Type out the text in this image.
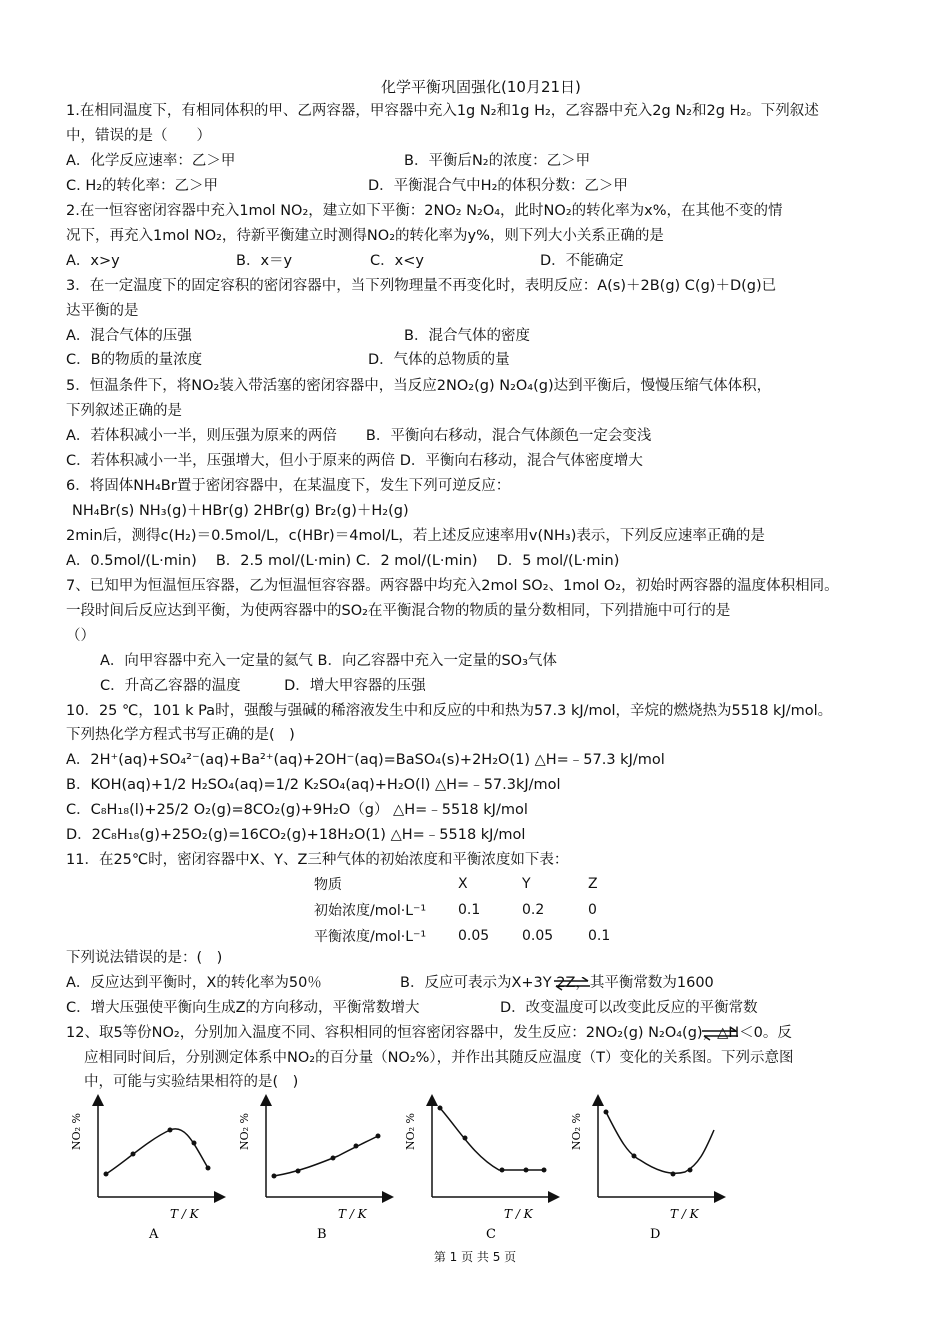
化学平衡巩固强化(10月21日)
1.在相同温度下，有相同体积的甲、乙两容器，甲容器中充入1g N₂和1g H₂，乙容器中充入2g N₂和2g H₂。下列叙述
中，错误的是（　　）
A．化学反应速率：乙＞甲	B．平衡后N₂的浓度：乙＞甲
C. H₂的转化率：乙＞甲	D．平衡混合气中H₂的体积分数：乙＞甲
2.在一恒容密闭容器中充入1mol NO₂，建立如下平衡：2NO₂ N₂O₄，此时NO₂的转化率为x%，在其他不变的情
况下，再充入1mol NO₂，待新平衡建立时测得NO₂的转化率为y%，则下列大小关系正确的是
A．x>y	B．x＝y	C．x<y	D．不能确定
3．在一定温度下的固定容积的密闭容器中，当下列物理量不再变化时，表明反应：A(s)＋2B(g) C(g)＋D(g)已
达平衡的是
A．混合气体的压强	B．混合气体的密度
C．B的物质的量浓度	D．气体的总物质的量
5．恒温条件下，将NO₂装入带活塞的密闭容器中，当反应2NO₂(g) N₂O₄(g)达到平衡后，慢慢压缩气体体积，
下列叙述正确的是
A．若体积减小一半，则压强为原来的两倍　　B．平衡向右移动，混合气体颜色一定会变浅
C．若体积减小一半，压强增大，但小于原来的两倍 D．平衡向右移动，混合气体密度增大
6．将固体NH₄Br置于密闭容器中，在某温度下，发生下列可逆反应：
NH₄Br(s) NH₃(g)＋HBr(g) 2HBr(g) Br₂(g)＋H₂(g)
2min后，测得c(H₂)＝0.5mol/L，c(HBr)＝4mol/L，若上述反应速率用v(NH₃)表示，下列反应速率正确的是
A．0.5mol/(L·min)　 B．2.5 mol/(L·min) C．2 mol/(L·min)　 D．5 mol/(L·min)
7、已知甲为恒温恒压容器，乙为恒温恒容容器。两容器中均充入2mol SO₂、1mol O₂，初始时两容器的温度体积相同。
一段时间后反应达到平衡，为使两容器中的SO₂在平衡混合物的物质的量分数相同，下列措施中可行的是
（）
A．向甲容器中充入一定量的氦气 B．向乙容器中充入一定量的SO₃气体
C．升高乙容器的温度　　　D．增大甲容器的压强
10．25 ℃，101 k Pa时，强酸与强碱的稀溶液发生中和反应的中和热为57.3 kJ/mol，辛烷的燃烧热为5518 kJ/mol。
下列热化学方程式书写正确的是(　)
A．2H⁺(aq)+SO₄²⁻(aq)+Ba²⁺(aq)+2OH⁻(aq)=BaSO₄(s)+2H₂O(1) △H=﹣57.3 kJ/mol
B．KOH(aq)+1/2 H₂SO₄(aq)=1/2 K₂SO₄(aq)+H₂O(l) △H=﹣57.3kJ/mol
C．C₈H₁₈(l)+25/2 O₂(g)=8CO₂(g)+9H₂O（g） △H=﹣5518 kJ/mol
D．2C₈H₁₈(g)+25O₂(g)=16CO₂(g)+18H₂O(1) △H=﹣5518 kJ/mol
11．在25℃时，密闭容器中X、Y、Z三种气体的初始浓度和平衡浓度如下表：
物质	X	Y	Z
初始浓度/mol·L⁻¹	0.1	0.2	0
平衡浓度/mol·L⁻¹	0.05	0.05	0.1
下列说法错误的是：(　)
A．反应达到平衡时，X的转化率为50％	B．反应可表示为X+3Y 2Z，其平衡常数为1600
C．增大压强使平衡向生成Z的方向移动，平衡常数增大	D．改变温度可以改变此反应的平衡常数
12、取5等份NO₂，分别加入温度不同、容积相同的恒容密闭容器中，发生反应：2NO₂(g) N₂O₄(g)，△H＜0。反
应相同时间后，分别测定体系中NO₂的百分量（NO₂%），并作出其随反应温度（T）变化的关系图。下列示意图
中，可能与实验结果相符的是(　)
NO₂ %
T / K
A
NO₂ %
T / K
B
NO₂ %
T / K
C
NO₂ %
T / K
D
第 1 页 共 5 页
